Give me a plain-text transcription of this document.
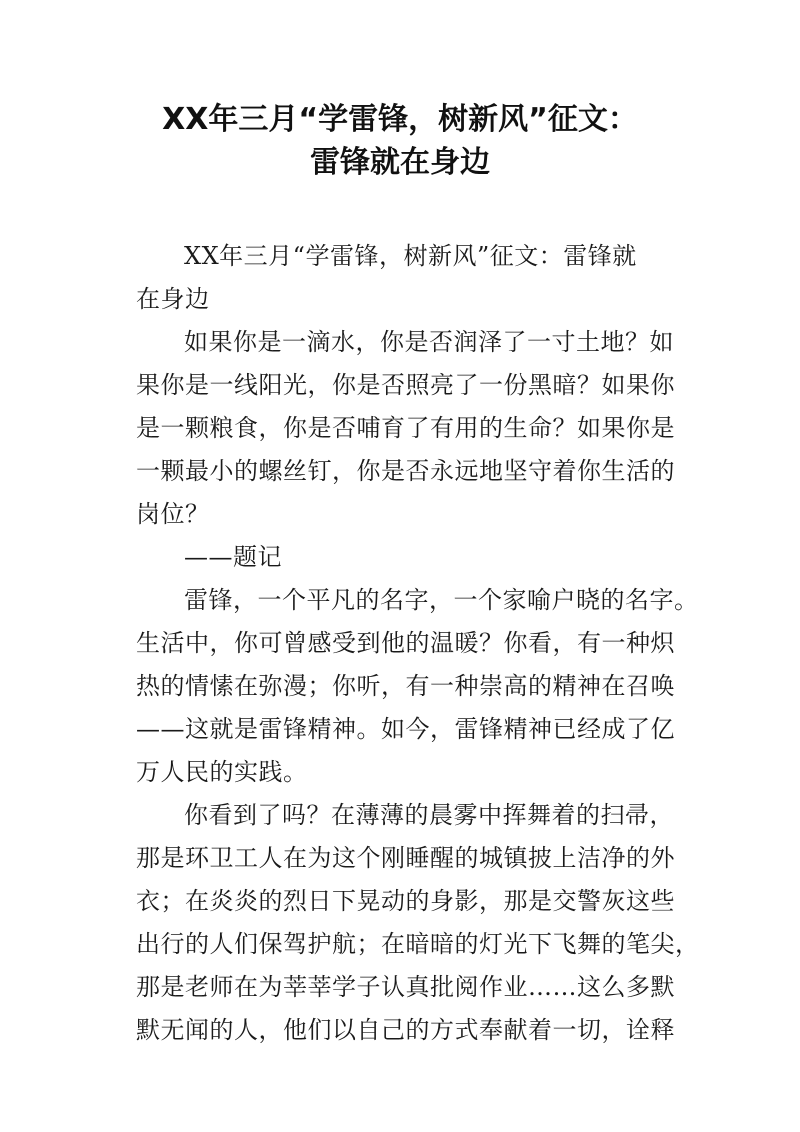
XX年三月“学雷锋，树新风”征文：
雷锋就在身边
XX年三月“学雷锋，树新风”征文：雷锋就
在身边
如果你是一滴水，你是否润泽了一寸土地？如
果你是一线阳光，你是否照亮了一份黑暗？如果你
是一颗粮食，你是否哺育了有用的生命？如果你是
一颗最小的螺丝钉，你是否永远地坚守着你生活的
岗位？
——题记
雷锋，一个平凡的名字，一个家喻户晓的名字。
生活中，你可曾感受到他的温暖？你看，有一种炽
热的情愫在弥漫；你听，有一种崇高的精神在召唤
——这就是雷锋精神。如今，雷锋精神已经成了亿
万人民的实践。
你看到了吗？在薄薄的晨雾中挥舞着的扫帚，
那是环卫工人在为这个刚睡醒的城镇披上洁净的外
衣；在炎炎的烈日下晃动的身影，那是交警灰这些
出行的人们保驾护航；在暗暗的灯光下飞舞的笔尖，
那是老师在为莘莘学子认真批阅作业……这么多默
默无闻的人，他们以自己的方式奉献着一切，诠释
